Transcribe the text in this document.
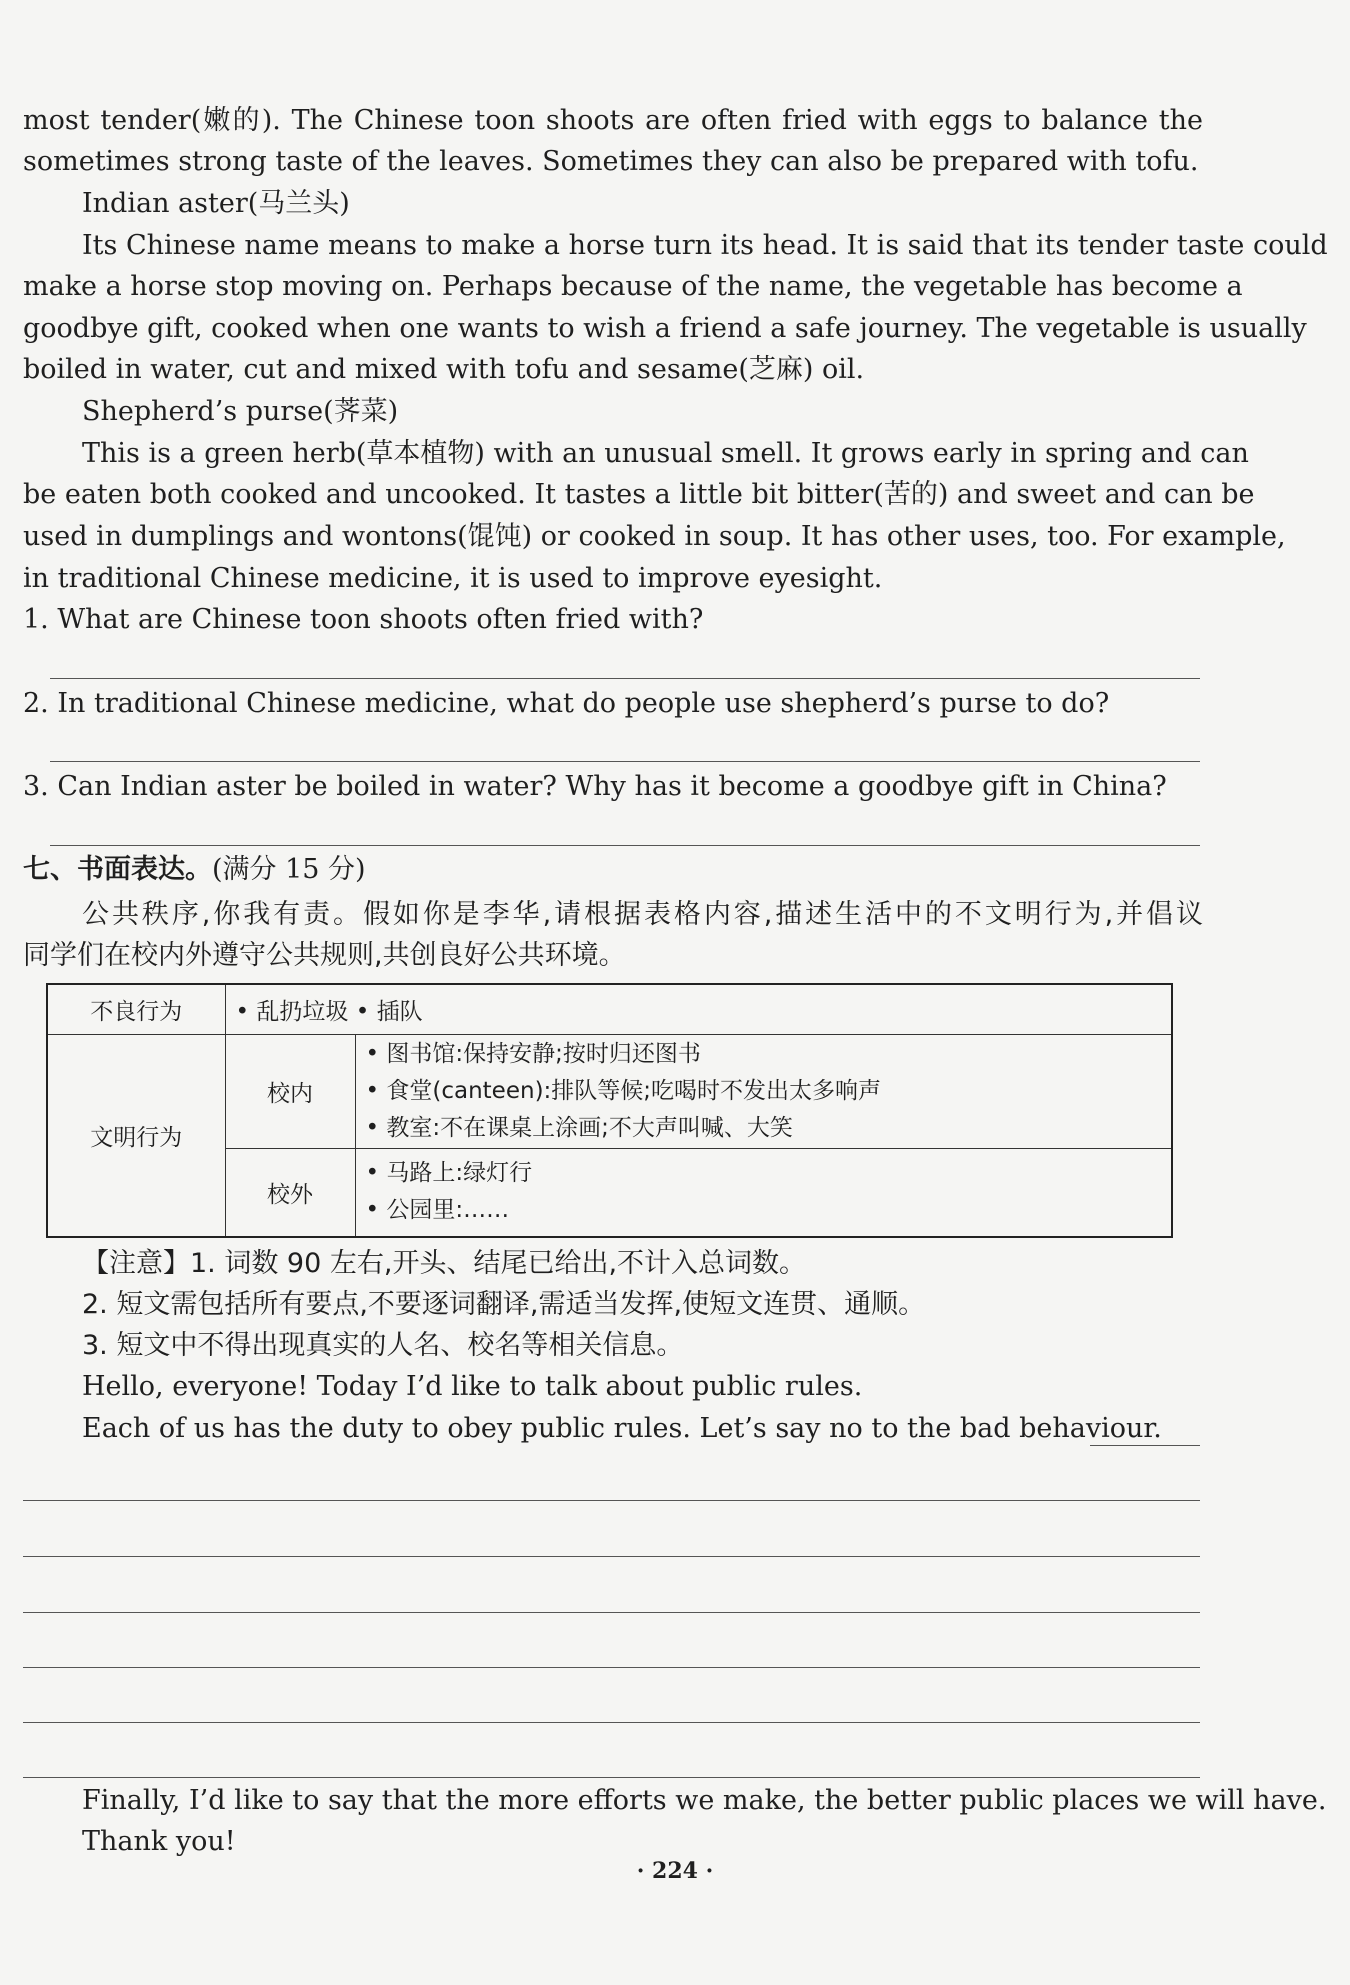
most tender(嫩的). The Chinese toon shoots are often fried with eggs to balance the
sometimes strong taste of the leaves. Sometimes they can also be prepared with tofu.
Indian aster(马兰头)
Its Chinese name means to make a horse turn its head. It is said that its tender taste could
make a horse stop moving on. Perhaps because of the name, the vegetable has become a
goodbye gift, cooked when one wants to wish a friend a safe journey. The vegetable is usually
boiled in water, cut and mixed with tofu and sesame(芝麻) oil.
Shepherd’s purse(荠菜)
This is a green herb(草本植物) with an unusual smell. It grows early in spring and can
be eaten both cooked and uncooked. It tastes a little bit bitter(苦的) and sweet and can be
used in dumplings and wontons(馄饨) or cooked in soup. It has other uses, too. For example,
in traditional Chinese medicine, it is used to improve eyesight.
1. What are Chinese toon shoots often fried with?
2. In traditional Chinese medicine, what do people use shepherd’s purse to do?
3. Can Indian aster be boiled in water? Why has it become a goodbye gift in China?
七、书面表达。(满分 15 分)
公共秩序,你我有责。假如你是李华,请根据表格内容,描述生活中的不文明行为,并倡议
同学们在校内外遵守公共规则,共创良好公共环境。
不良行为	• 乱扔垃圾 • 插队	
文明行为	校内	• 图书馆:保持安静;按时归还图书
• 食堂(canteen):排队等候;吃喝时不发出太多响声
• 教室:不在课桌上涂画;不大声叫喊、大笑

	校外	• 马路上:绿灯行
• 公园里:……
【注意】1. 词数 90 左右,开头、结尾已给出,不计入总词数。
2. 短文需包括所有要点,不要逐词翻译,需适当发挥,使短文连贯、通顺。
3. 短文中不得出现真实的人名、校名等相关信息。
Hello, everyone! Today I’d like to talk about public rules.
Each of us has the duty to obey public rules. Let’s say no to the bad behaviour.
Finally, I’d like to say that the more efforts we make, the better public places we will have.
Thank you!
· 224 ·
